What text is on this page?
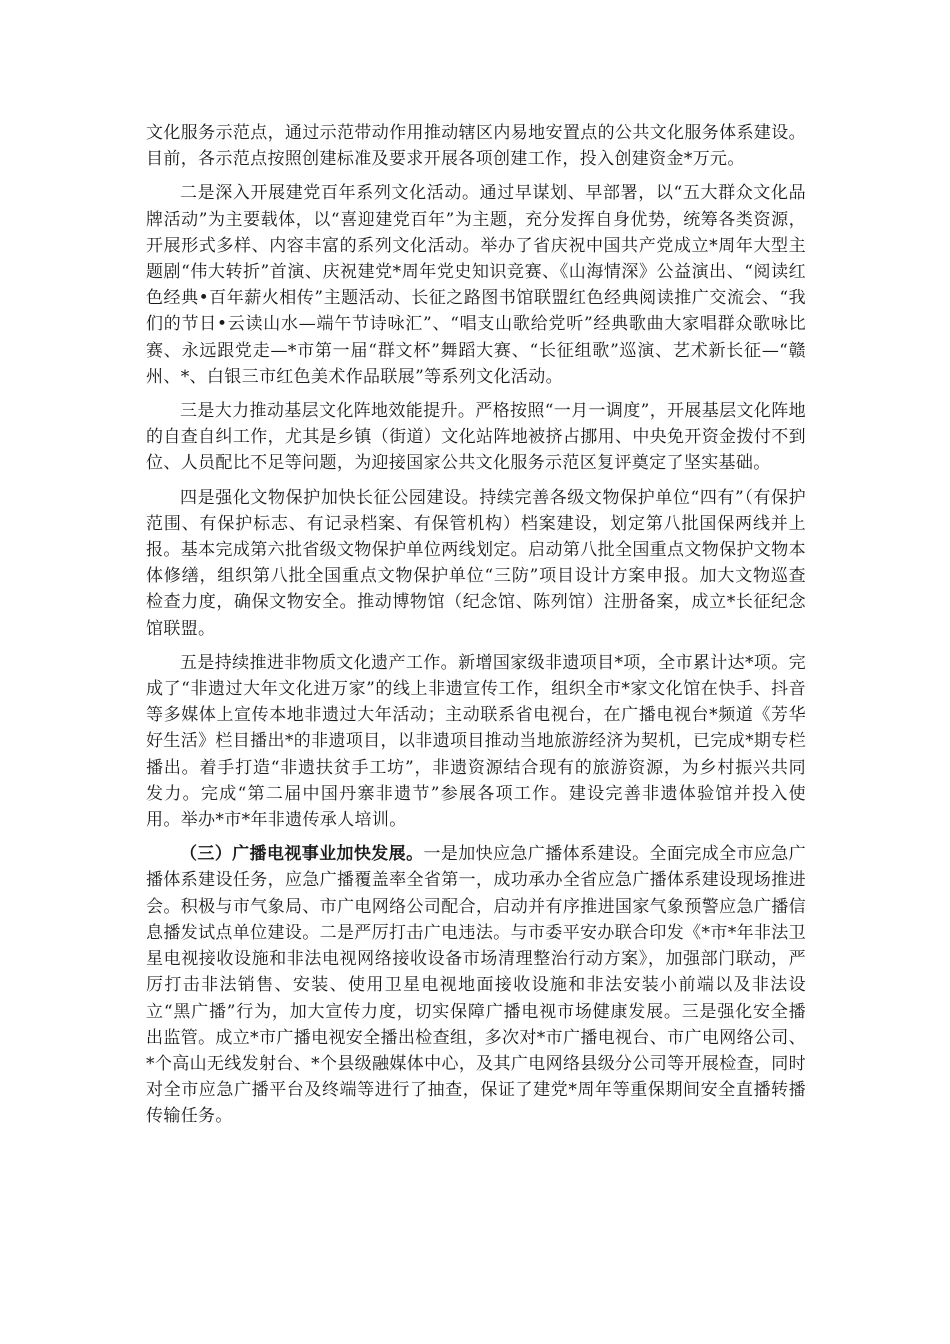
文化服务示范点，通过示范带动作用推动辖区内易地安置点的公共文化服务体系建设。目前，各示范点按照创建标准及要求开展各项创建工作，投入创建资金*万元。

二是深入开展建党百年系列文化活动。通过早谋划、早部署，以“五大群众文化品牌活动”为主要载体，以“喜迎建党百年”为主题，充分发挥自身优势，统筹各类资源，开展形式多样、内容丰富的系列文化活动。举办了省庆祝中国共产党成立*周年大型主题剧“伟大转折”首演、庆祝建党*周年党史知识竞赛、《山海情深》公益演出、“阅读红色经典•百年薪火相传”主题活动、长征之路图书馆联盟红色经典阅读推广交流会、“我们的节日•云读山水—端午节诗咏汇”、“唱支山歌给党听”经典歌曲大家唱群众歌咏比赛、永远跟党走—*市第一届“群文杯”舞蹈大赛、“长征组歌”巡演、艺术新长征—“赣州、*、白银三市红色美术作品联展”等系列文化活动。

三是大力推动基层文化阵地效能提升。严格按照“一月一调度”，开展基层文化阵地的自查自纠工作，尤其是乡镇（街道）文化站阵地被挤占挪用、中央免开资金拨付不到位、人员配比不足等问题，为迎接国家公共文化服务示范区复评奠定了坚实基础。

四是强化文物保护加快长征公园建设。持续完善各级文物保护单位“四有”（有保护范围、有保护标志、有记录档案、有保管机构）档案建设，划定第八批国保两线并上报。基本完成第六批省级文物保护单位两线划定。启动第八批全国重点文物保护文物本体修缮，组织第八批全国重点文物保护单位“三防”项目设计方案申报。加大文物巡查检查力度，确保文物安全。推动博物馆（纪念馆、陈列馆）注册备案，成立*长征纪念馆联盟。

五是持续推进非物质文化遗产工作。新增国家级非遗项目*项，全市累计达*项。完成了“非遗过大年文化进万家”的线上非遗宣传工作，组织全市*家文化馆在快手、抖音等多媒体上宣传本地非遗过大年活动；主动联系省电视台，在广播电视台*频道《芳华好生活》栏目播出*的非遗项目，以非遗项目推动当地旅游经济为契机，已完成*期专栏播出。着手打造“非遗扶贫手工坊”，非遗资源结合现有的旅游资源，为乡村振兴共同发力。完成“第二届中国丹寨非遗节”参展各项工作。建设完善非遗体验馆并投入使用。举办*市*年非遗传承人培训。

（三）广播电视事业加快发展。一是加快应急广播体系建设。全面完成全市应急广播体系建设任务，应急广播覆盖率全省第一，成功承办全省应急广播体系建设现场推进会。积极与市气象局、市广电网络公司配合，启动并有序推进国家气象预警应急广播信息播发试点单位建设。二是严厉打击广电违法。与市委平安办联合印发《*市*年非法卫星电视接收设施和非法电视网络接收设备市场清理整治行动方案》，加强部门联动，严厉打击非法销售、安装、使用卫星电视地面接收设施和非法安装小前端以及非法设立“黑广播”行为，加大宣传力度，切实保障广播电视市场健康发展。三是强化安全播出监管。成立*市广播电视安全播出检查组，多次对*市广播电视台、市广电网络公司、*个高山无线发射台、*个县级融媒体中心，及其广电网络县级分公司等开展检查，同时对全市应急广播平台及终端等进行了抽查，保证了建党*周年等重保期间安全直播转播传输任务。
